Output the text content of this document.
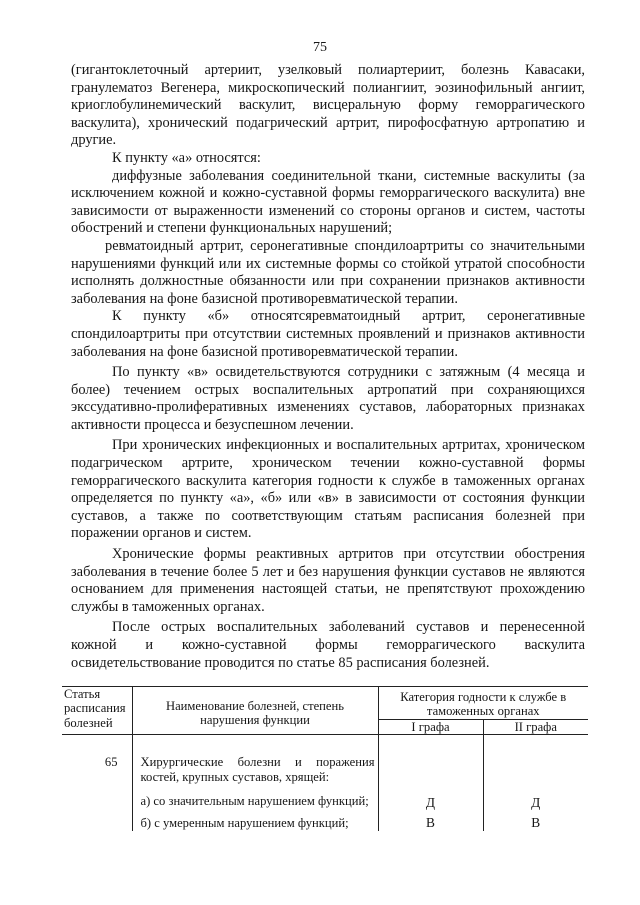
75

(гигантоклеточный артериит, узелковый полиартериит, болезнь Кавасаки, гранулематоз Вегенера, микроскопический полиангиит, эозинофильный ангиит, криоглобулинемический васкулит, висцеральную форму геморрагического васкулита), хронический подагрический артрит, пирофосфатную артропатию и другие.

К пункту «а» относятся:

диффузные заболевания соединительной ткани, системные васкулиты (за исключением кожной и кожно-суставной формы геморрагического васкулита) вне зависимости от выраженности изменений со стороны органов и систем, частоты обострений и степени функциональных нарушений;

ревматоидный артрит, серонегативные спондилоартриты со значительными нарушениями функций или их системные формы со стойкой утратой способности исполнять должностные обязанности или при сохранении признаков активности заболевания на фоне базисной противоревматической терапии.

К пункту «б» относятсяревматоидный артрит, серонегативные спондилоартриты при отсутствии системных проявлений и признаков активности заболевания на фоне базисной противоревматической терапии.

По пункту «в» освидетельствуются сотрудники с затяжным (4 месяца и более) течением острых воспалительных артропатий при сохраняющихся экссудативно-пролиферативных изменениях суставов, лабораторных признаках активности процесса и безуспешном лечении.

При хронических инфекционных и воспалительных артритах, хроническом подагрическом артрите, хроническом течении кожно-суставной формы геморрагического васкулита категория годности к службе в таможенных органах определяется по пункту «а», «б» или «в» в зависимости от состояния функции суставов, а также по соответствующим статьям расписания болезней при поражении органов и систем.

Хронические формы реактивных артритов при отсутствии обострения заболевания в течение более 5 лет и без нарушения функции суставов не являются основанием для применения настоящей статьи, не препятствуют прохождению службы в таможенных органах.

После острых воспалительных заболеваний суставов и перенесенной кожной и кожно-суставной формы геморрагического васкулита освидетельствование проводится по статье 85 расписания болезней.

Статья расписания болезней	Наименование болезней, степень нарушения функции	Категория годности к службе в таможенных органах	
		I графа	II графа
65	Хирургические болезни и поражения костей, крупных суставов, хрящей:		
	а) со значительным нарушением функций;	Д	Д
	б) с умеренным нарушением функций;	В	В
